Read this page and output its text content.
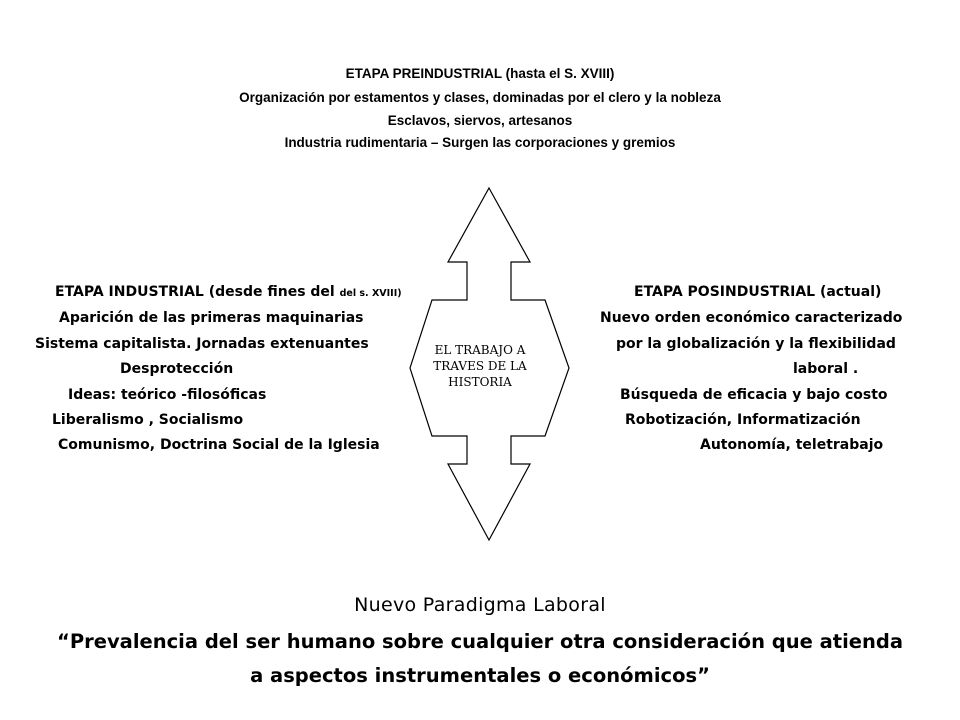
EL TRABAJO A
TRAVES DE LA
HISTORIA
ETAPA PREINDUSTRIAL (hasta el S. XVIII)
Organización por estamentos y clases, dominadas por el clero y la nobleza
Esclavos, siervos, artesanos
Industria rudimentaria – Surgen las corporaciones y gremios
ETAPA INDUSTRIAL (desde fines del del s. XVIII)
Aparición de las primeras maquinarias
Sistema capitalista. Jornadas extenuantes
Desprotección
Ideas: teórico -filosóficas
Liberalismo , Socialismo
Comunismo, Doctrina Social de la Iglesia
ETAPA POSINDUSTRIAL (actual)
Nuevo orden económico caracterizado
por la globalización y la flexibilidad
laboral .
Búsqueda de eficacia y bajo costo
Robotización, Informatización
Autonomía, teletrabajo
Nuevo Paradigma Laboral
“Prevalencia del ser humano sobre cualquier otra consideración que atienda
a aspectos instrumentales o económicos”
